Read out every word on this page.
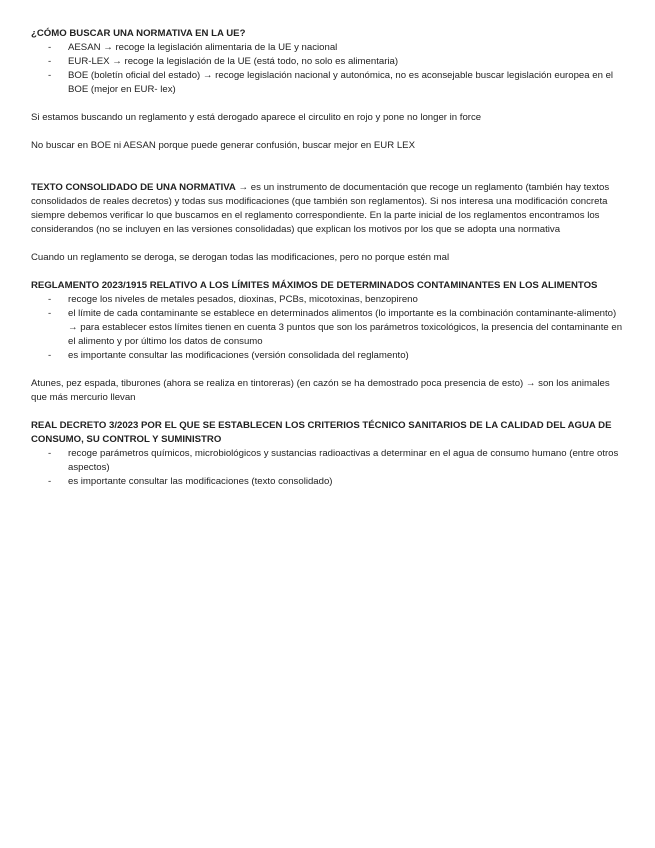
¿CÓMO BUSCAR UNA NORMATIVA EN LA UE?

- AESAN → recoge la legislación alimentaria de la UE y nacional
- EUR-LEX → recoge la legislación de la UE (está todo, no solo es alimentaria)
- BOE (boletín oficial del estado) → recoge legislación nacional y autonómica, no es aconsejable buscar legislación europea en el BOE (mejor en EUR- lex)

Si estamos buscando un reglamento y está derogado aparece el circulito en rojo y pone no longer in force

No buscar en BOE ni AESAN porque puede generar confusión, buscar mejor en EUR LEX

TEXTO CONSOLIDADO DE UNA NORMATIVA → es un instrumento de documentación que recoge un reglamento (también hay textos consolidados de reales decretos) y todas sus modificaciones (que también son reglamentos). Si nos interesa una modificación concreta siempre debemos verificar lo que buscamos en el reglamento correspondiente. En la parte inicial de los reglamentos encontramos los considerandos (no se incluyen en las versiones consolidadas) que explican los motivos por los que se adopta una normativa

Cuando un reglamento se deroga, se derogan todas las modificaciones, pero no porque estén mal

REGLAMENTO 2023/1915 RELATIVO A LOS LÍMITES MÁXIMOS DE DETERMINADOS CONTAMINANTES EN LOS ALIMENTOS

- recoge los niveles de metales pesados, dioxinas, PCBs, micotoxinas, benzopireno
- el límite de cada contaminante se establece en determinados alimentos (lo importante es la combinación contaminante-alimento) → para establecer estos límites tienen en cuenta 3 puntos que son los parámetros toxicológicos, la presencia del contaminante en el alimento y por último los datos de consumo
- es importante consultar las modificaciones (versión consolidada del reglamento)

Atunes, pez espada, tiburones (ahora se realiza en tintoreras) (en cazón se ha demostrado poca presencia de esto) → son los animales que más mercurio llevan

REAL DECRETO 3/2023 POR EL QUE SE ESTABLECEN LOS CRITERIOS TÉCNICO SANITARIOS DE LA CALIDAD DEL AGUA DE CONSUMO, SU CONTROL Y SUMINISTRO

- recoge parámetros químicos, microbiológicos y sustancias radioactivas a determinar en el agua de consumo humano (entre otros aspectos)
- es importante consultar las modificaciones (texto consolidado)
